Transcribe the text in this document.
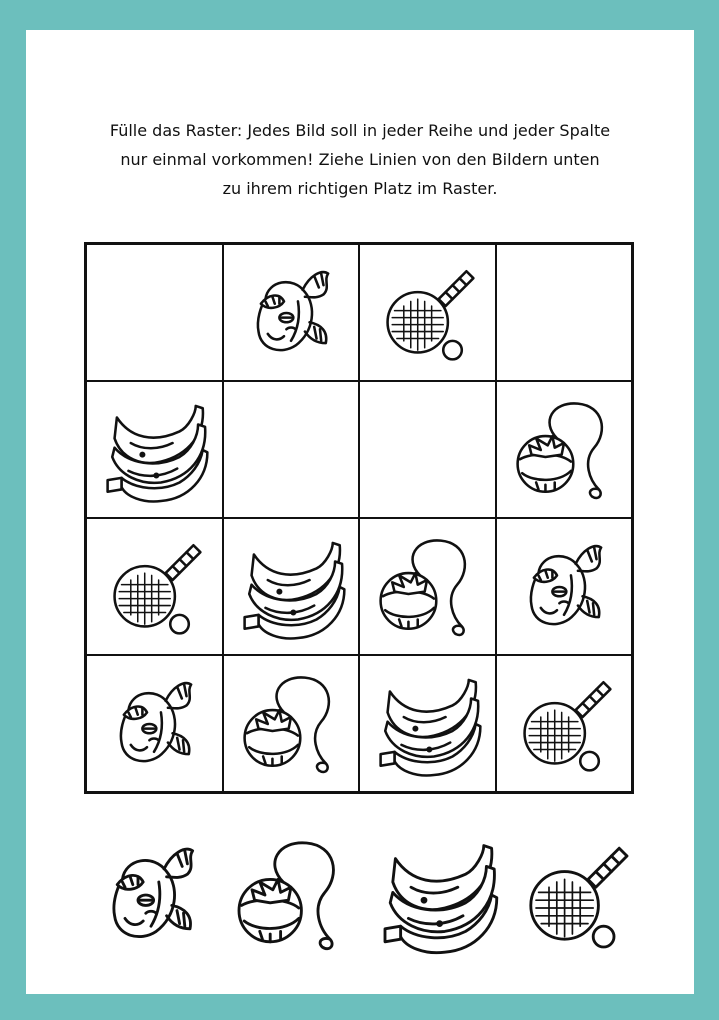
Fülle das Raster: Jedes Bild soll in jeder Reihe und jeder Spalte
nur einmal vorkommen! Ziehe Linien von den Bildern unten
zu ihrem richtigen Platz im Raster.
